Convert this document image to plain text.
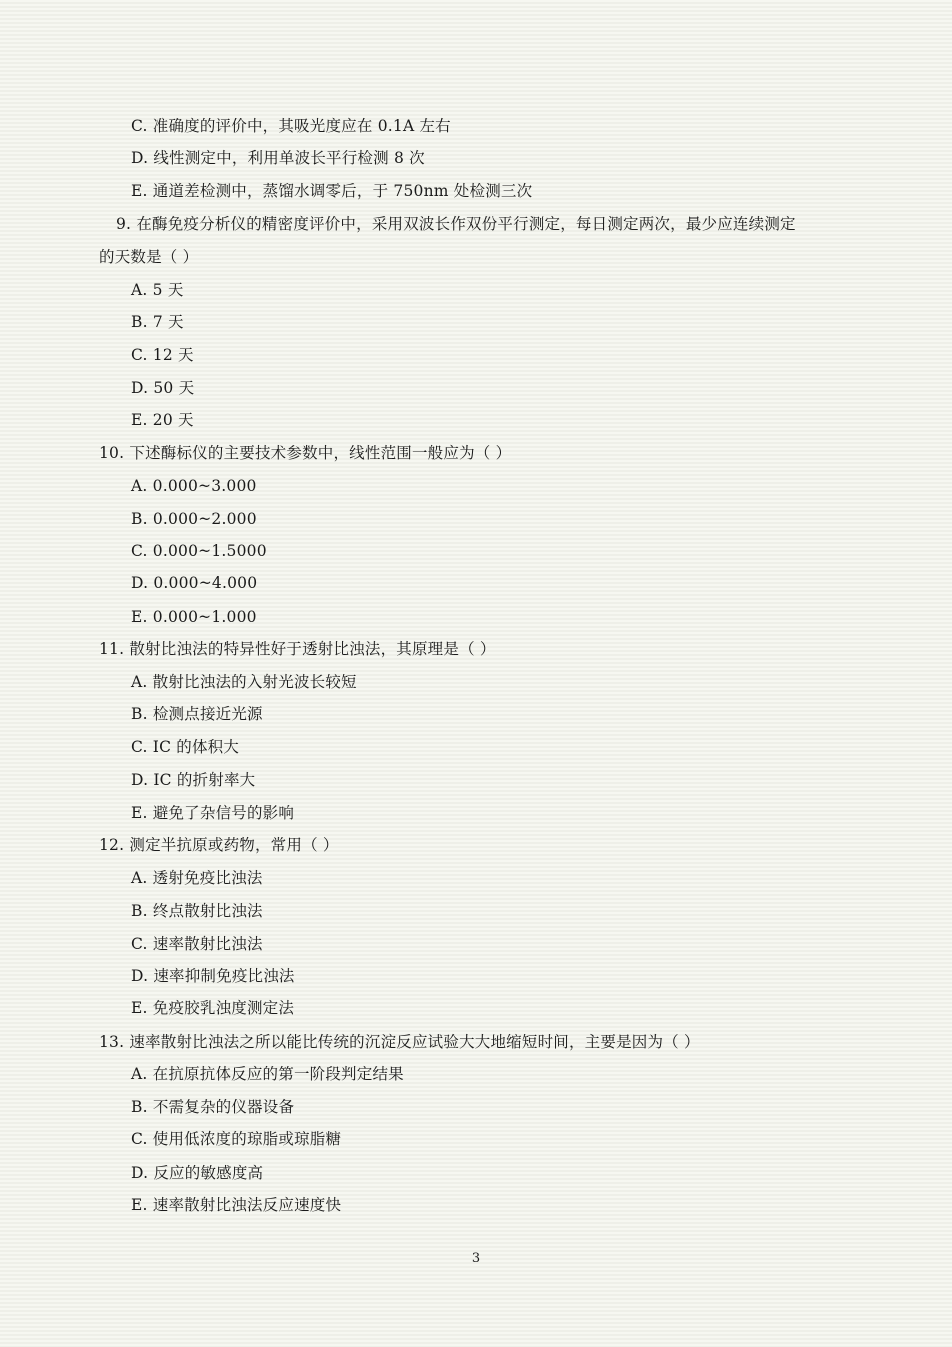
C. 准确度的评价中，其吸光度应在 0.1A 左右
D. 线性测定中，利用单波长平行检测 8 次
E. 通道差检测中，蒸馏水调零后，于 750nm 处检测三次
9. 在酶免疫分析仪的精密度评价中，采用双波长作双份平行测定，每日测定两次，最少应连续测定
的天数是（ ）
A. 5 天
B. 7 天
C. 12 天
D. 50 天
E. 20 天
10. 下述酶标仪的主要技术参数中，线性范围一般应为（ ）
A. 0.000~3.000
B. 0.000~2.000
C. 0.000~1.5000
D. 0.000~4.000
E. 0.000~1.000
11. 散射比浊法的特异性好于透射比浊法，其原理是（ ）
A. 散射比浊法的入射光波长较短
B. 检测点接近光源
C. IC 的体积大
D. IC 的折射率大
E. 避免了杂信号的影响
12. 测定半抗原或药物，常用（ ）
A. 透射免疫比浊法
B. 终点散射比浊法
C. 速率散射比浊法
D. 速率抑制免疫比浊法
E. 免疫胶乳浊度测定法
13. 速率散射比浊法之所以能比传统的沉淀反应试验大大地缩短时间，主要是因为（ ）
A. 在抗原抗体反应的第一阶段判定结果
B. 不需复杂的仪器设备
C. 使用低浓度的琼脂或琼脂糖
D. 反应的敏感度高
E. 速率散射比浊法反应速度快
3
